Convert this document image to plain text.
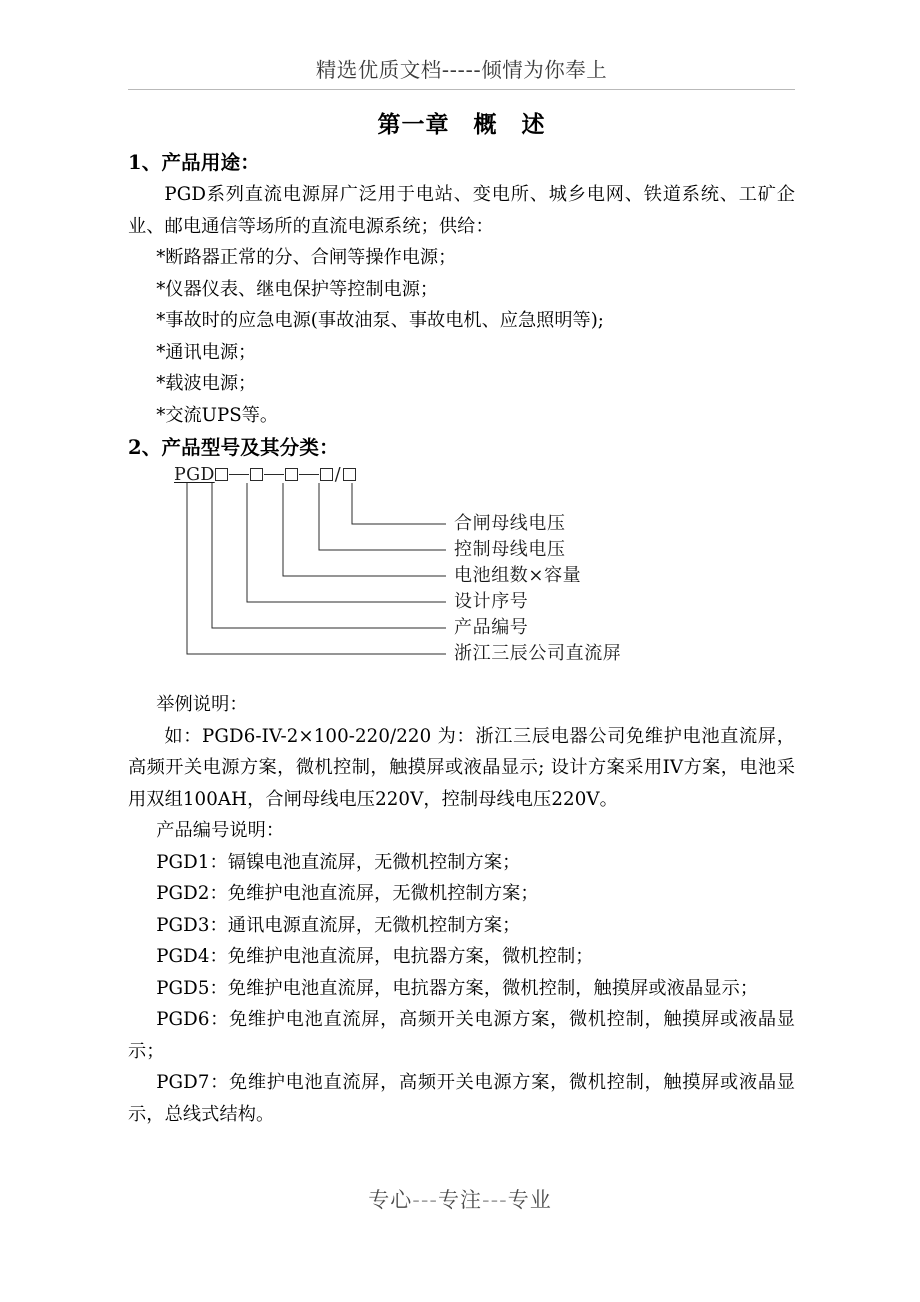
精选优质文档-----倾情为你奉上
第一章　概　述
1、产品用途：

PGD系列直流电源屏广泛用于电站、变电所、城乡电网、铁道系统、工矿企业、邮电通信等场所的直流电源系统；供给：

*断路器正常的分、合闸等操作电源；
*仪器仪表、继电保护等控制电源；
*事故时的应急电源(事故油泵、事故电机、应急照明等);
*通讯电源；
*载波电源；
*交流UPS等。
2、产品型号及其分类：
PGD	/
合闸母线电压
控制母线电压
电池组数×容量
设计序号
产品编号
浙江三辰公司直流屏

举例说明：

如：PGD6-IV-2×100-220/220 为：浙江三辰电器公司免维护电池直流屏，高频开关电源方案，微机控制，触摸屏或液晶显示; 设计方案采用IV方案，电池采用双组100AH，合闸母线电压220V，控制母线电压220V。

产品编号说明：

PGD1：镉镍电池直流屏，无微机控制方案；

PGD2：免维护电池直流屏，无微机控制方案；

PGD3：通讯电源直流屏，无微机控制方案；

PGD4：免维护电池直流屏，电抗器方案，微机控制；

PGD5：免维护电池直流屏，电抗器方案，微机控制，触摸屏或液晶显示；

PGD6：免维护电池直流屏，高频开关电源方案，微机控制，触摸屏或液晶显示；

PGD7：免维护电池直流屏，高频开关电源方案，微机控制，触摸屏或液晶显示，总线式结构。

专心---专注---专业
